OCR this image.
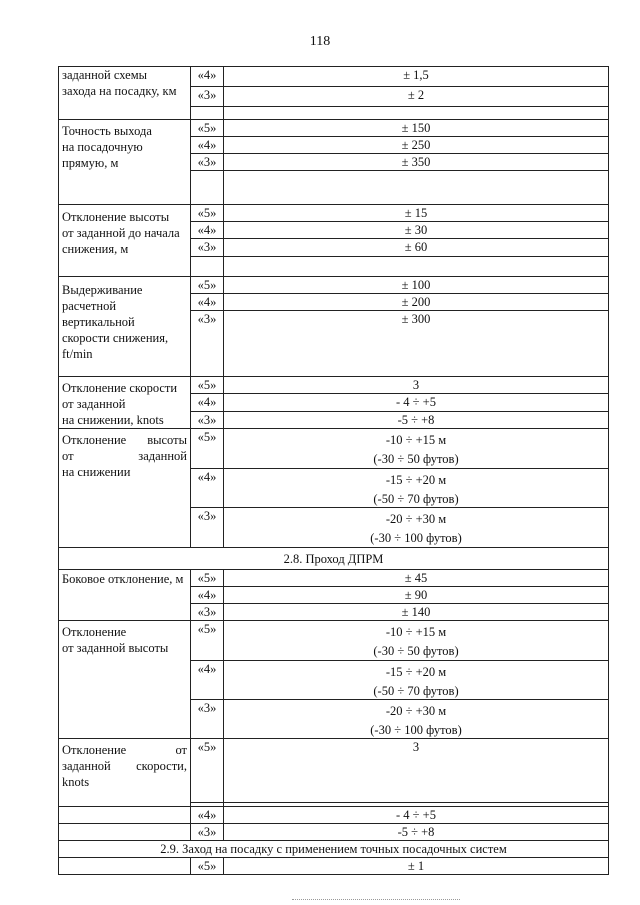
118
заданной схемы
захода на посадку, км	«4»	± 1,5
	«3»	± 2

Точность выхода
на посадочную
прямую, м	«5»	± 150
	«4»	± 250
	«3»	± 350

Отклонение высоты
от заданной до начала
снижения, м	«5»	± 15
	«4»	± 30
	«3»	± 60

Выдерживание
расчетной
вертикальной
скорости снижения,
ft/min	«5»	± 100
	«4»	± 200
	«3»	± 300
Отклонение скорости
от заданной
на снижении, knots	«5»	3
	«4»	- 4 ÷ +5
	«3»	-5 ÷ +8

Отклонение высоты
от заданной
на снижении	«5»	-10 ÷ +15 м
(-30 ÷ 50 футов)

	«4»	-15 ÷ +20 м
(-50 ÷ 70 футов)

	«3»	-20 ÷ +30 м
(-30 ÷ 100 футов)

2.8. Проход ДПРМ		
Боковое отклонение, м	«5»	± 45
	«4»	± 90
	«3»	± 140
Отклонение
от заданной высоты	«5»	-10 ÷ +15 м
(-30 ÷ 50 футов)

	«4»	-15 ÷ +20 м
(-50 ÷ 70 футов)

	«3»	-20 ÷ +30 м
(-30 ÷ 100 футов)

Отклонение от
заданной скорости,
knots	«5»	3

	«4»	- 4 ÷ +5
	«3»	-5 ÷ +8
2.9. Заход на посадку с применением точных посадочных систем		
	«5»	± 1
